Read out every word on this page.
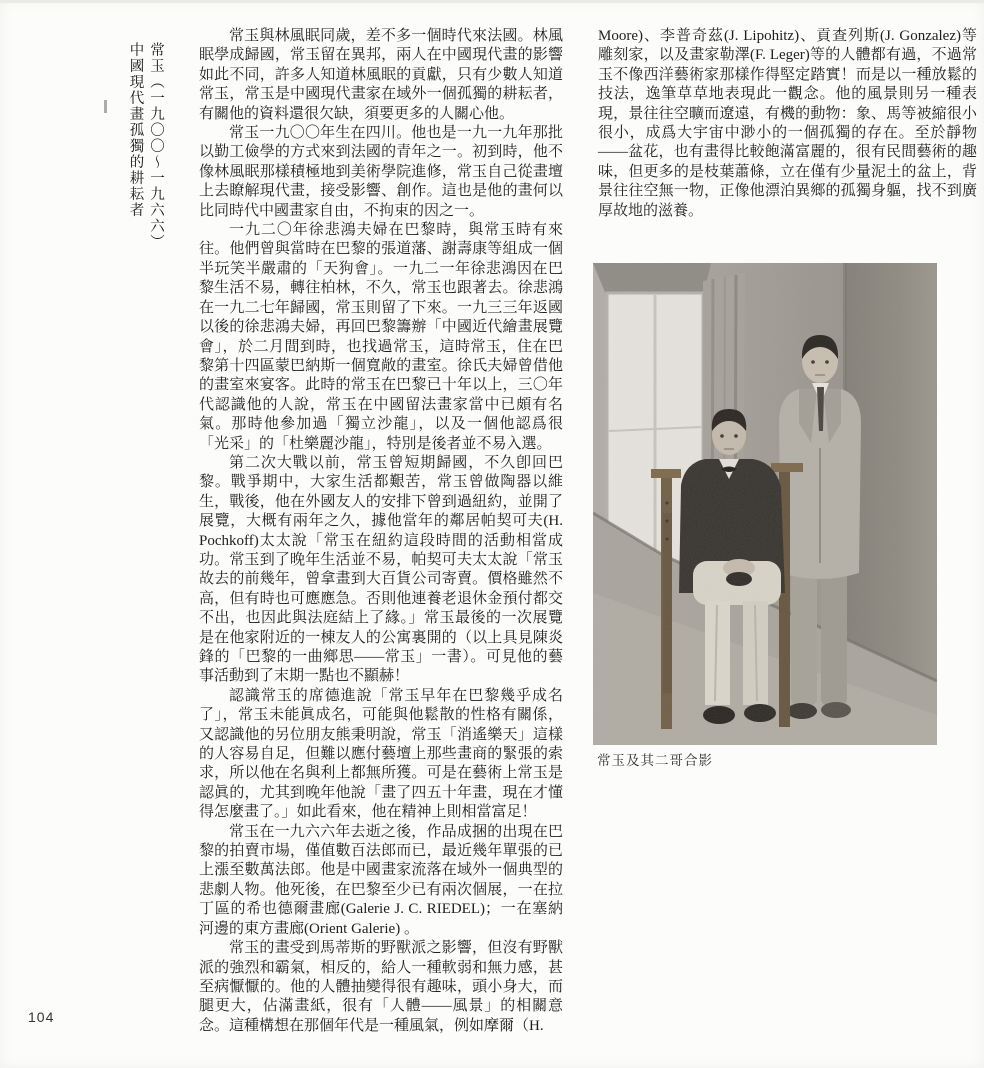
常玉（一九〇〇～一九六六）
中國現代畫孤獨的耕耘者

常玉與林風眠同歲，差不多一個時代來法國。林風眠學成歸國，常玉留在異邦，兩人在中國現代畫的影響如此不同，許多人知道林風眠的貢獻，只有少數人知道常玉，常玉是中國現代畫家在域外一個孤獨的耕耘者，有關他的資料還很欠缺，須要更多的人關心他。

常玉一九〇〇年生在四川。他也是一九一九年那批以勤工儉學的方式來到法國的青年之一。初到時，他不像林風眠那樣積極地到美術學院進修，常玉自己從畫壇上去瞭解現代畫，接受影響、創作。這也是他的畫何以比同時代中國畫家自由，不拘束的因之一。

一九二〇年徐悲鴻夫婦在巴黎時，與常玉時有來往。他們曾與當時在巴黎的張道藩、謝壽康等組成一個半玩笑半嚴肅的「天狗會」。一九二一年徐悲鴻因在巴黎生活不易，轉往柏林，不久，常玉也跟著去。徐悲鴻在一九二七年歸國，常玉則留了下來。一九三三年返國以後的徐悲鴻夫婦，再回巴黎籌辦「中國近代繪畫展覽會」，於二月間到時，也找過常玉，這時常玉，住在巴黎第十四區蒙巴納斯一個寬敞的畫室。徐氏夫婦曾借他的畫室來宴客。此時的常玉在巴黎已十年以上，三〇年代認識他的人說，常玉在中國留法畫家當中已頗有名氣。那時他參加過「獨立沙龍」，以及一個他認爲很「光采」的「杜樂麗沙龍」，特別是後者並不易入選。

第二次大戰以前，常玉曾短期歸國，不久卽回巴黎。戰爭期中，大家生活都艱苦，常玉曾做陶器以維生，戰後，他在外國友人的安排下曾到過紐約，並開了展覽，大概有兩年之久，據他當年的鄰居帕契可夫(H. Pochkoff)太太說「常玉在紐約這段時間的活動相當成功。常玉到了晚年生活並不易，帕契可夫太太說「常玉故去的前幾年，曾拿畫到大百貨公司寄賣。價格雖然不高，但有時也可應應急。否則他連養老退休金預付都交不出，也因此與法庭結上了緣。」常玉最後的一次展覽是在他家附近的一棟友人的公寓裏開的（以上具見陳炎鋒的「巴黎的一曲鄉思——常玉」一書）。可見他的藝事活動到了末期一點也不顯赫！

認識常玉的席德進說「常玉早年在巴黎幾乎成名了」，常玉未能眞成名，可能與他鬆散的性格有關係，又認識他的另位朋友熊秉明說，常玉「消遙樂天」這樣的人容易自足，但難以應付藝壇上那些畫商的緊張的索求，所以他在名與利上都無所獲。可是在藝術上常玉是認眞的，尤其到晚年他說「畫了四五十年畫，現在才懂得怎麼畫了。」如此看來，他在精神上則相當富足！

常玉在一九六六年去逝之後，作品成捆的出現在巴黎的拍賣市場，僅值數百法郎而已，最近幾年單張的已上漲至數萬法郎。他是中國畫家流落在域外一個典型的悲劇人物。他死後，在巴黎至少已有兩次個展，一在拉丁區的希也德爾畫廊(Galerie J. C. RIEDEL)；一在塞納河邊的東方畫廊(Orient Galerie) 。

常玉的畫受到馬蒂斯的野獸派之影響，但沒有野獸派的強烈和霸氣，相反的，給人一種軟弱和無力感，甚至病懨懨的。他的人體抽變得很有趣味，頭小身大，而腿更大，佔滿畫紙，很有「人體——風景」的相關意念。這種構想在那個年代是一種風氣，例如摩爾（H.

Moore)、李普奇茲(J. Lipohitz)、貢查列斯(J. Gonzalez)等雕刻家，以及畫家勒澤(F. Leger)等的人體都有過，不過常玉不像西洋藝術家那樣作得堅定踏實！而是以一種放鬆的技法，逸筆草草地表現此一觀念。他的風景則另一種表現，景往往空曠而遼遠，有機的動物：象、馬等被縮很小很小，成爲大宇宙中渺小的一個孤獨的存在。至於靜物——盆花，也有畫得比較飽滿富麗的，很有民間藝術的趣味，但更多的是枝葉蕭條，立在僅有少量泥土的盆上，背景往往空無一物，正像他漂泊異鄉的孤獨身軀，找不到廣厚故地的滋養。

常玉及其二哥合影
104
